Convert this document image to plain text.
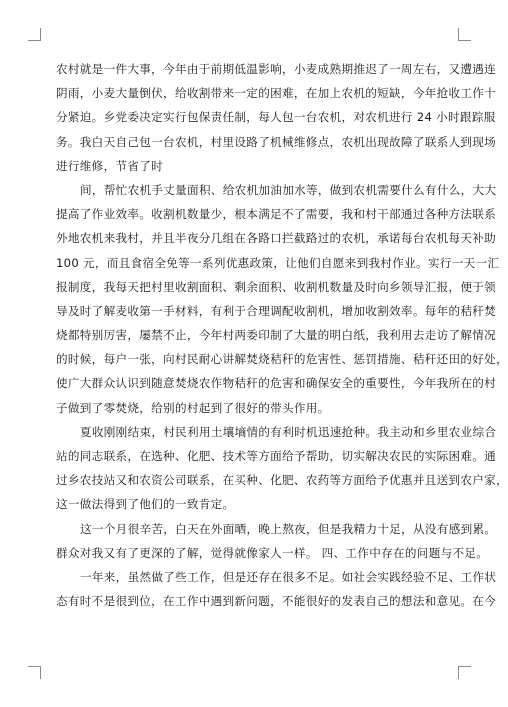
农村就是一件大事，今年由于前期低温影响，小麦成熟期推迟了一周左右，又遭遇连
阴雨，小麦大量倒伏，给收割带来一定的困难，在加上农机的短缺，今年抢收工作十
分紧迫。乡党委决定实行包保责任制，每人包一台农机，对农机进行 24 小时跟踪服
务。我白天自己包一台农机，村里设路了机械维修点，农机出现故障了联系人到现场
进行维修，节省了时
间，帮忙农机手丈量面积、给农机加油加水等，做到农机需要什么有什么，大大
提高了作业效率。收割机数量少，根本满足不了需要，我和村干部通过各种方法联系
外地农机来我村，并且半夜分几组在各路口拦截路过的农机，承诺每台农机每天补助
100 元，而且食宿全免等一系列优惠政策，让他们自愿来到我村作业。实行一天一汇
报制度，我每天把村里收割面积、剩余面积、收割机数量及时向乡领导汇报，便于领
导及时了解麦收第一手材料，有利于合理调配收割机，增加收割效率。每年的秸秆焚
烧都特别厉害，屡禁不止，今年村两委印制了大量的明白纸，我利用去走访了解情况
的时候，每户一张，向村民耐心讲解焚烧秸秆的危害性、惩罚措施、秸秆还田的好处，
使广大群众认识到随意焚烧农作物秸秆的危害和确保安全的重要性，今年我所在的村
子做到了零焚烧，给别的村起到了很好的带头作用。
夏收刚刚结束，村民利用土壤墒情的有利时机迅速抢种。我主动和乡里农业综合
站的同志联系，在选种、化肥、技术等方面给予帮助，切实解决农民的实际困难。通
过乡农技站又和农资公司联系，在买种、化肥、农药等方面给予优惠并且送到农户家，
这一做法得到了他们的一致肯定。
这一个月很辛苦，白天在外面晒，晚上熬夜，但是我精力十足，从没有感到累。
群众对我又有了更深的了解，觉得就像家人一样。 四、工作中存在的问题与不足。
一年来，虽然做了些工作，但是还存在很多不足。如社会实践经验不足、工作状
态有时不是很到位，在工作中遇到新问题，不能很好的发表自己的想法和意见。在今
